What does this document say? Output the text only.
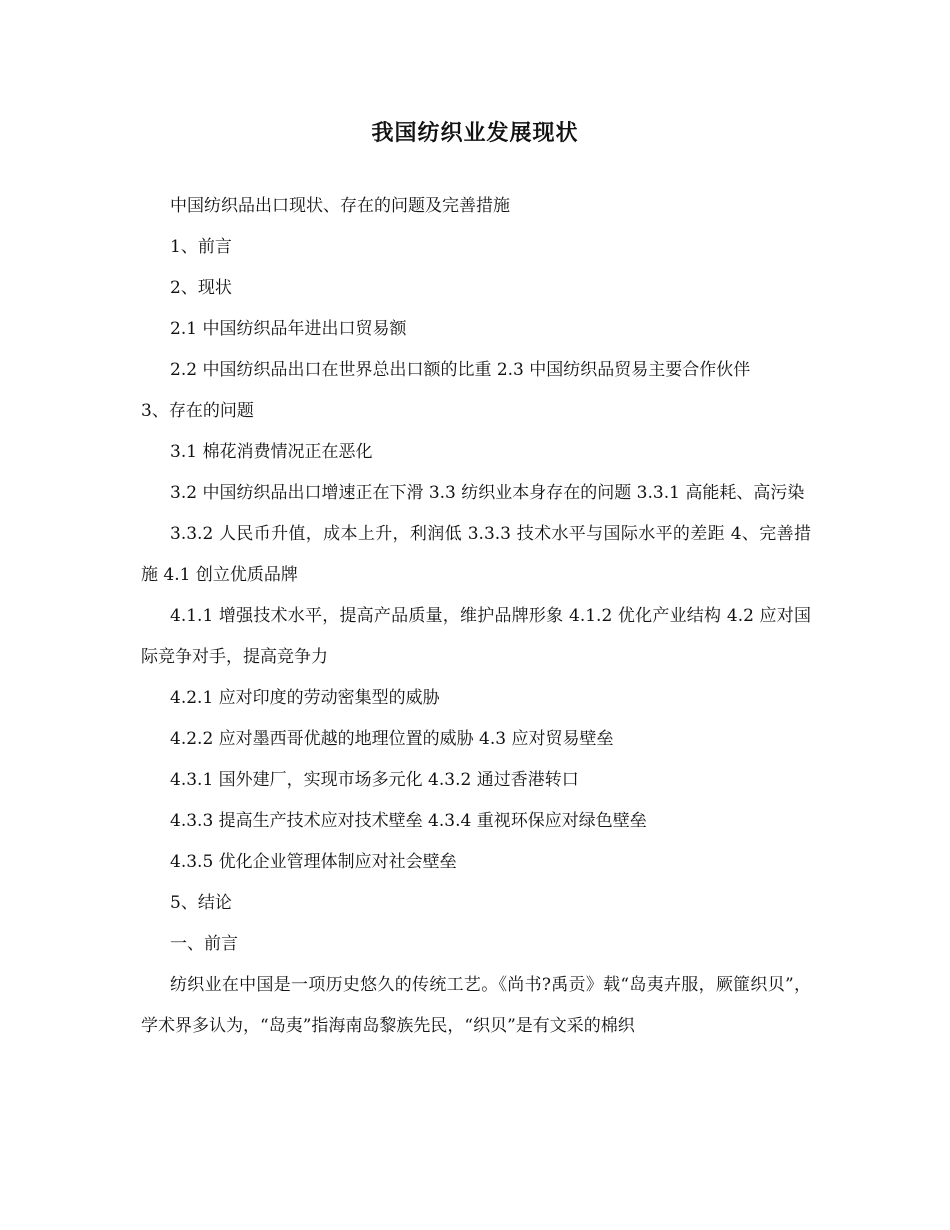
我国纺织业发展现状

中国纺织品出口现状、存在的问题及完善措施

1、前言

2、现状

2.1 中国纺织品年进出口贸易额

2.2 中国纺织品出口在世界总出口额的比重 2.3 中国纺织品贸易主要合作伙伴

3、存在的问题

3.1 棉花消费情况正在恶化

3.2 中国纺织品出口增速正在下滑 3.3 纺织业本身存在的问题 3.3.1 高能耗、高污染

3.3.2 人民币升值，成本上升，利润低 3.3.3 技术水平与国际水平的差距 4、完善措施 4.1 创立优质品牌

4.1.1 增强技术水平，提高产品质量，维护品牌形象 4.1.2 优化产业结构 4.2 应对国际竞争对手，提高竞争力

4.2.1 应对印度的劳动密集型的威胁

4.2.2 应对墨西哥优越的地理位置的威胁 4.3 应对贸易壁垒

4.3.1 国外建厂，实现市场多元化 4.3.2 通过香港转口

4.3.3 提高生产技术应对技术壁垒 4.3.4 重视环保应对绿色壁垒

4.3.5 优化企业管理体制应对社会壁垒

5、结论

一、前言

纺织业在中国是一项历史悠久的传统工艺。《尚书?禹贡》载“岛夷卉服，厥篚织贝”，学术界多认为，“岛夷”指海南岛黎族先民，“织贝”是有文采的棉织
